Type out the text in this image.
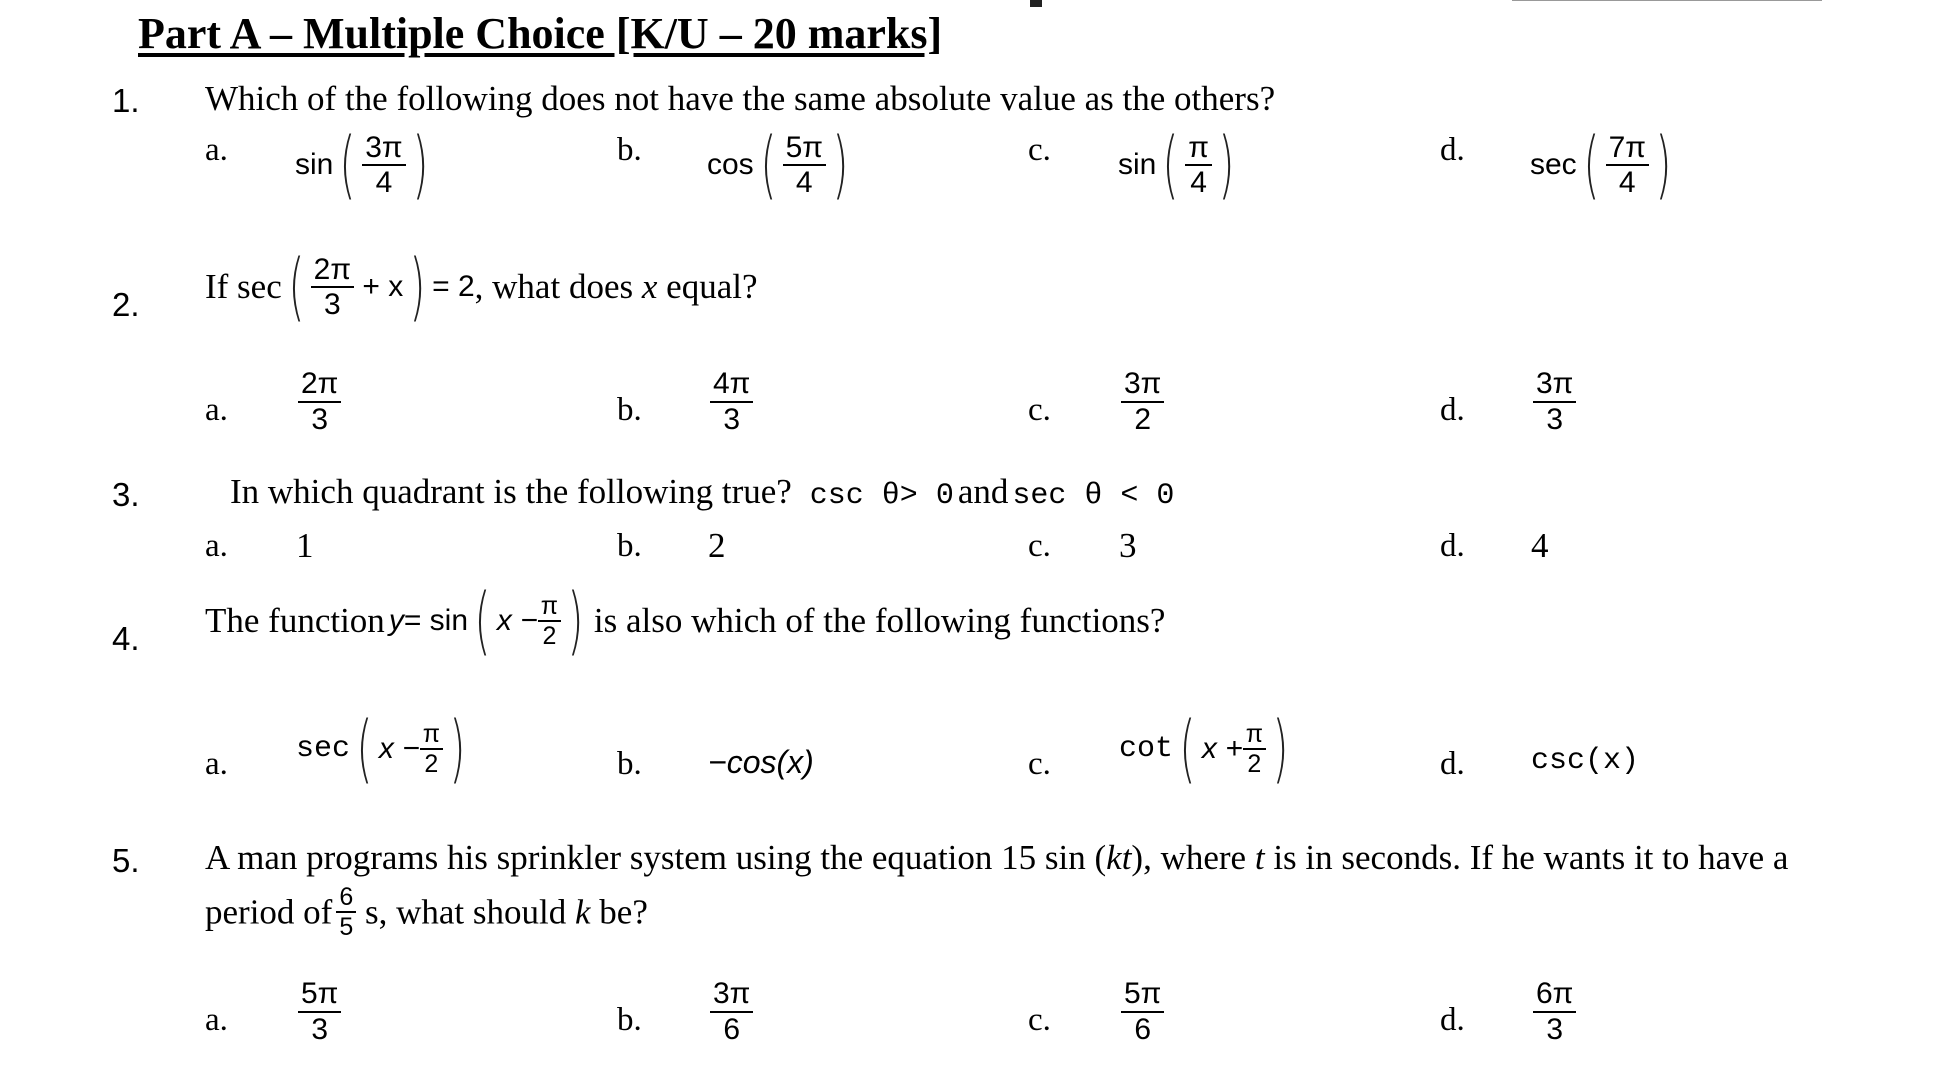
Part A – Multiple Choice [K/U – 20 marks]
1. Which of the following does not have the same absolute value as the others?
a. $\sin( \frac{3\pi}{4}$ )	b. $\cos( \frac{5\pi}{4}$ )	c. $\sin( \frac{\pi}{4}$ )	d. $\sec( \frac{7\pi}{4}$ )
2. If $\sec( \frac{2\pi}{3} + x) = 2$, what does x equal?
a. $\frac{2\pi}{3}$	b. $\frac{4\pi}{3}$	c. $\frac{3\pi}{2}$	d. $\frac{3\pi}{3}$
3.	In which quadrant is the following true? csc θ> 0 and sec θ < 0
a. 1	b. 2	c. 3	d. 4
4. The function y= sin( $x - \frac{\pi}{2}$ ) is also which of the following functions?
a. sec( $x - \frac{\pi}{2}$ )	b. −cos(x)	c. cot( $x + \frac{\pi}{2}$ )	d. csc(x)
5. A man programs his sprinkler system using the equation 15 sin (kt), where t is in seconds. If he wants it to have a
period of $\frac{6}{5} s$, what should k be?
a. $\frac{5\pi}{3}$	b. $\frac{3\pi}{6}$	c. $\frac{5\pi}{6}$	d. $\frac{6\pi}{3}$
